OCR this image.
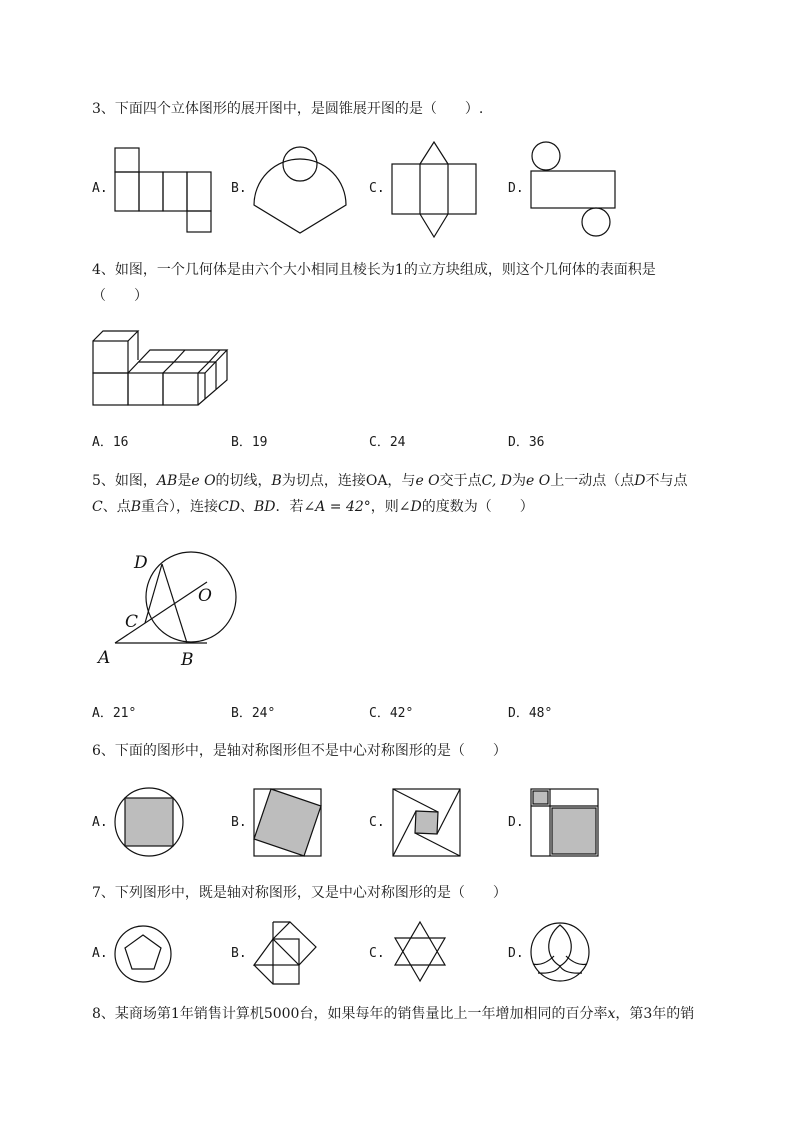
3、下面四个立体图形的展开图中，是圆锥展开图的是（　　）.
A.	B.	C.	D.
4、如图，一个几何体是由六个大小相同且棱长为1的立方块组成，则这个几何体的表面积是
（　　）
A．16	B．19	C．24	D．36
5、如图，AB是e O的切线，B为切点，连接OA，与e O交于点C, D为e O上一动点（点D不与点
C、点B重合），连接CD、BD．若∠A = 42°，则∠D的度数为（　　）
D
O
C
A	B
A．21°	B．24°	C．42°	D．48°
6、下面的图形中，是轴对称图形但不是中心对称图形的是（　　）
A.	B.	C.	D.
7、下列图形中，既是轴对称图形，又是中心对称图形的是（　　）
A.	B.	C.	D.
8、某商场第1年销售计算机5000台，如果每年的销售量比上一年增加相同的百分率x，第3年的销
